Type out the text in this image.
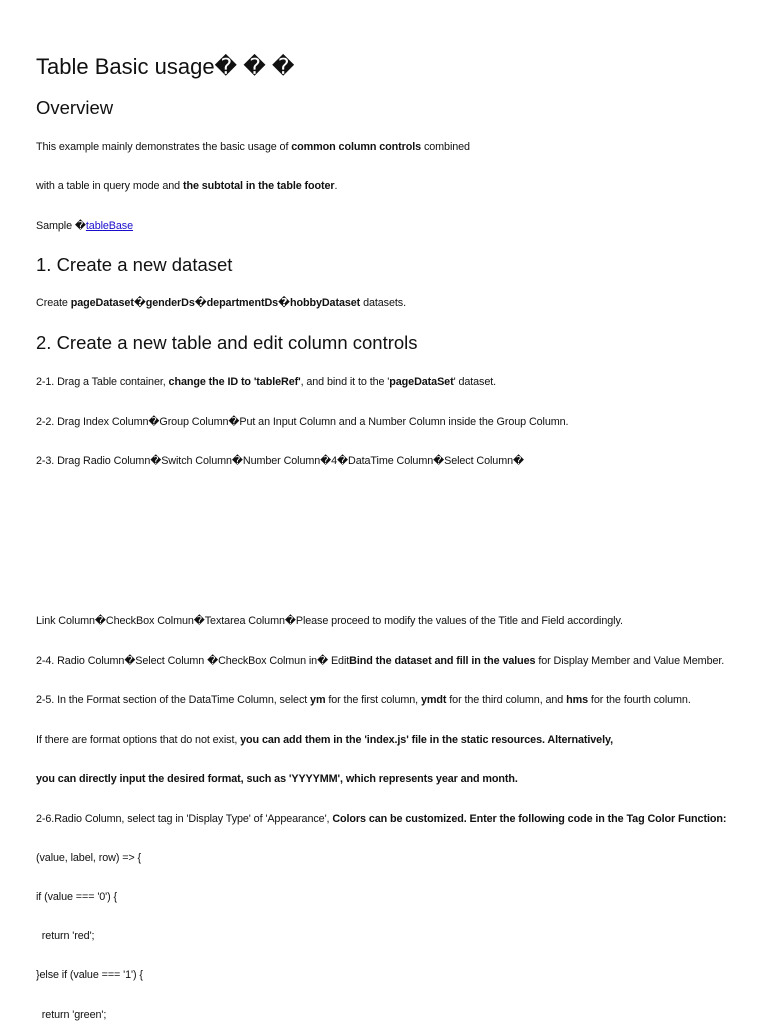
Table Basic usage� � �
Overview

This example mainly demonstrates the basic usage of common column controls combined

with a table in query mode and the subtotal in the table footer.

Sample �tableBase

1. Create a new dataset

Create pageDataset�genderDs�departmentDs�hobbyDataset datasets.

2. Create a new table and edit column controls

2-1. Drag a Table container, change the ID to 'tableRef', and bind it to the 'pageDataSet' dataset.

2-2. Drag Index Column�Group Column�Put an Input Column and a Number Column inside the Group Column.

2-3. Drag Radio Column�Switch Column�Number Column�4�DataTime Column�Select Column�

Link Column�CheckBox Colmun�Textarea Column�Please proceed to modify the values of the Title and Field accordingly.

2-4. Radio Column�Select Column �CheckBox Colmun in� EditBind the dataset and fill in the values for Display Member and Value Member.

2-5. In the Format section of the DataTime Column, select ym for the first column, ymdt for the third column, and hms for the fourth column.

If there are format options that do not exist, you can add them in the 'index.js' file in the static resources. Alternatively,

you can directly input the desired format, such as 'YYYYMM', which represents year and month.

2-6.Radio Column, select tag in 'Display Type' of 'Appearance', Colors can be customized. Enter the following code in the Tag Color Function:

(value, label, row) => {

if (value === '0') {

return 'red';

}else if (value === '1') {

return 'green';
